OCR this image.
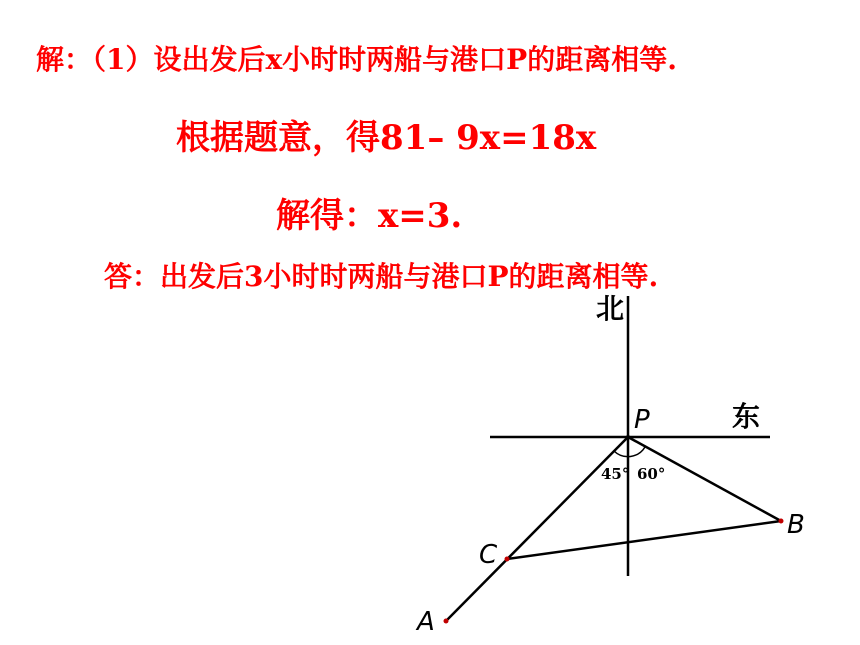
解：（1）设出发后x小时时两船与港口P的距离相等.
根据题意，得81– 9x=18x
解得：x=3.
答：出发后3小时时两船与港口P的距离相等.
北
东
P
A
B
C
45° 60°
